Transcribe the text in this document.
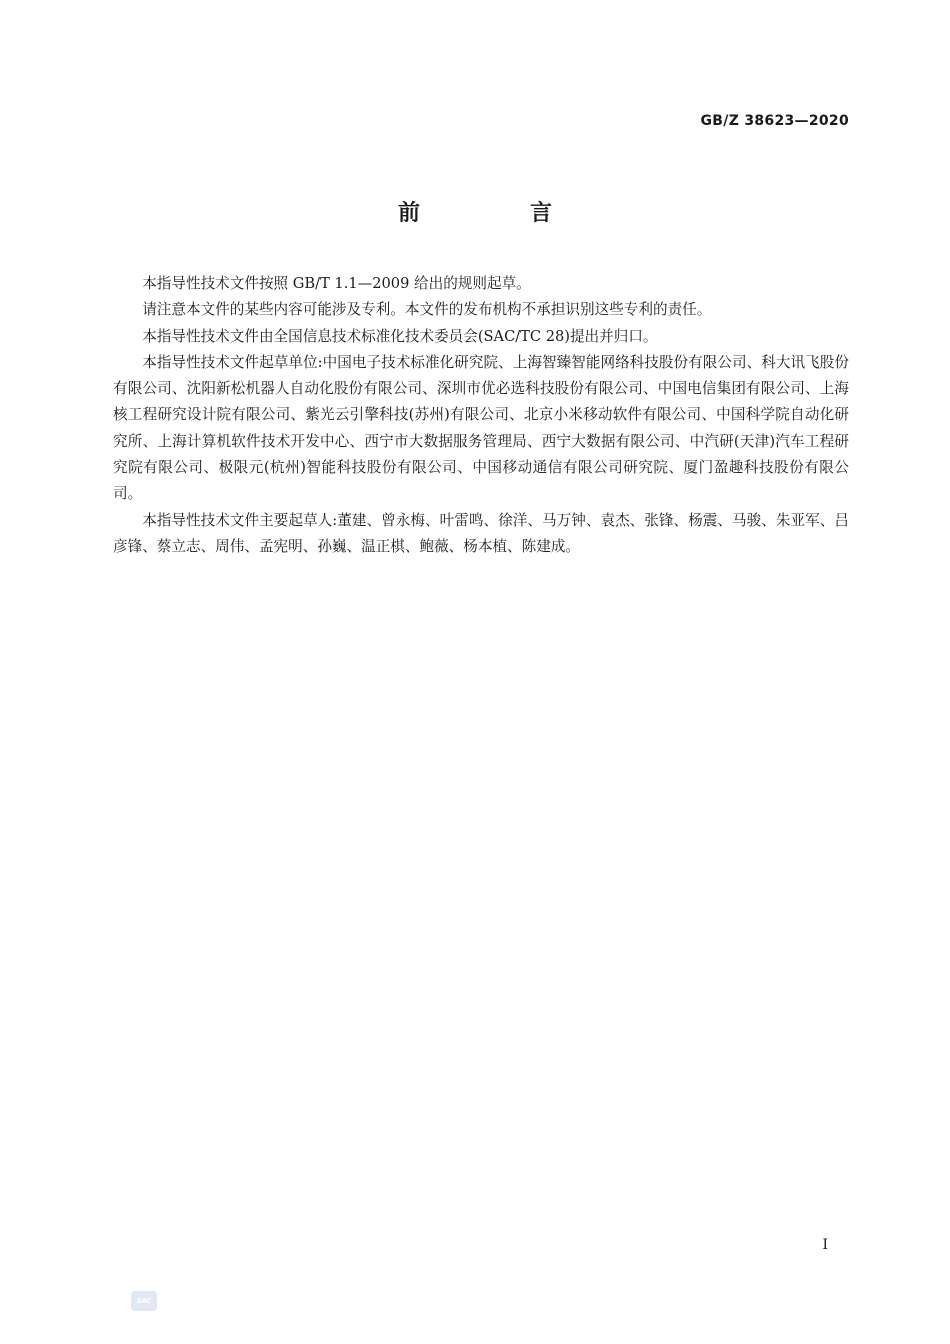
GB/Z 38623—2020
前　言

本指导性技术文件按照 GB/T 1.1—2009 给出的规则起草。

请注意本文件的某些内容可能涉及专利。本文件的发布机构不承担识别这些专利的责任。

本指导性技术文件由全国信息技术标准化技术委员会(SAC/TC 28)提出并归口。

本指导性技术文件起草单位:中国电子技术标准化研究院、上海智臻智能网络科技股份有限公司、科大讯飞股份有限公司、沈阳新松机器人自动化股份有限公司、深圳市优必选科技股份有限公司、中国电信集团有限公司、上海核工程研究设计院有限公司、紫光云引擎科技(苏州)有限公司、北京小米移动软件有限公司、中国科学院自动化研究所、上海计算机软件技术开发中心、西宁市大数据服务管理局、西宁大数据有限公司、中汽研(天津)汽车工程研究院有限公司、极限元(杭州)智能科技股份有限公司、中国移动通信有限公司研究院、厦门盈趣科技股份有限公司。

本指导性技术文件主要起草人:董建、曾永梅、叶雷鸣、徐洋、马万钟、袁杰、张锋、杨震、马骏、朱亚军、吕彦锋、蔡立志、周伟、孟宪明、孙巍、温正棋、鲍薇、杨本植、陈建成。

I
SAC
